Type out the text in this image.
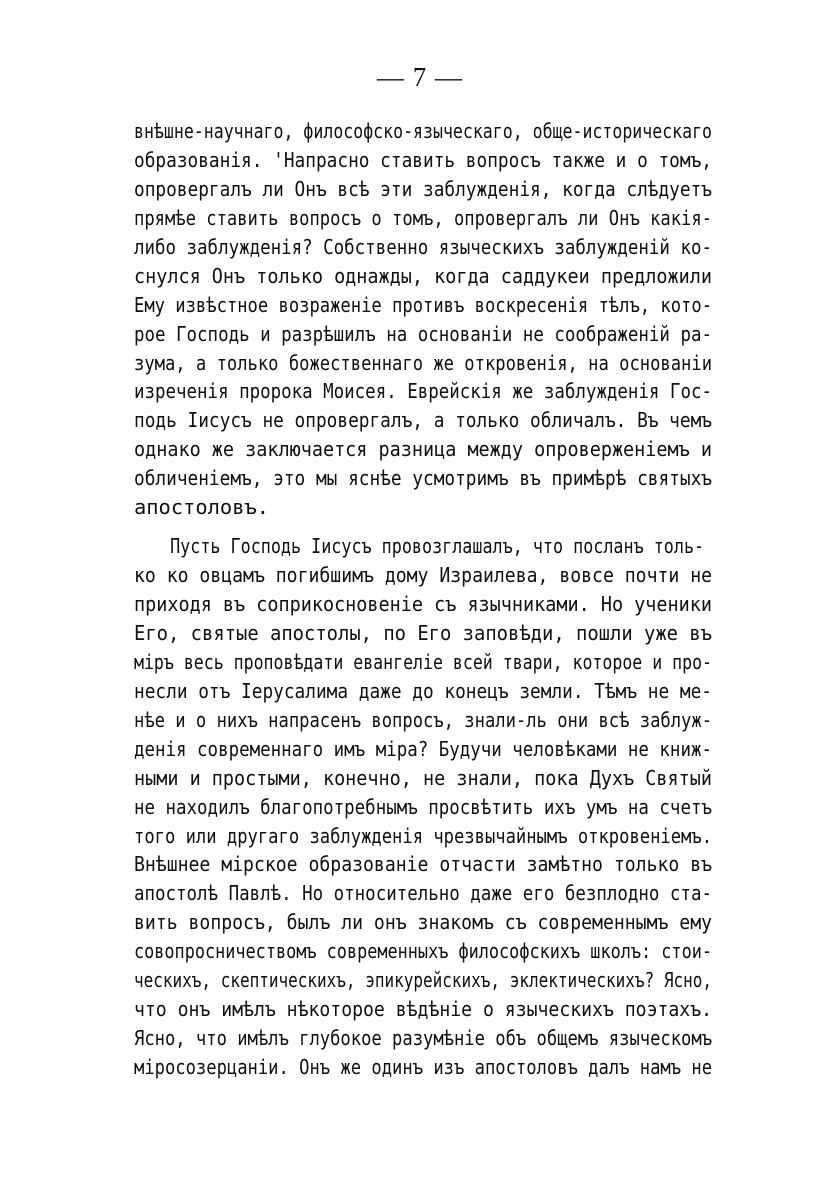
— 7 —
внѣшне-научнаго, философско-языческаго, обще-историческаго
образованія. 'Напрасно ставить вопросъ также и о томъ,
опровергалъ ли Онъ всѣ эти заблужденія, когда слѣдуетъ
прямѣе ставить вопросъ о томъ, опровергалъ ли Онъ какія-
либо заблужденія? Собственно языческихъ заблужденій ко-
снулся Онъ только однажды, когда саддукеи предложили
Ему извѣстное возраженіе противъ воскресенія тѣлъ, кото-
рое Господь и разрѣшилъ на основаніи не соображеній ра-
зума, а только божественнаго же откровенія, на основаніи
изреченія пророка Моисея. Еврейскія же заблужденія Гос-
подь Іисусъ не опровергалъ, а только обличалъ. Въ чемъ
однако же заключается разница между опроверженіемъ и
обличеніемъ, это мы яснѣе усмотримъ въ примѣрѣ святыхъ
апостоловъ.
Пусть Господь Іисусъ провозглашалъ, что посланъ толь-
ко ко овцамъ погибшимъ дому Израилева, вовсе почти не
приходя въ соприкосновеніе съ язычниками. Но ученики
Его, святые апостолы, по Его заповѣди, пошли уже въ
міръ весь проповѣдати евангеліе всей твари, которое и про-
несли отъ Іерусалима даже до конецъ земли. Тѣмъ не ме-
нѣе и о нихъ напрасенъ вопросъ, знали-ль они всѣ заблуж-
денія современнаго имъ міра? Будучи человѣками не книж-
ными и простыми, конечно, не знали, пока Духъ Святый
не находилъ благопотребнымъ просвѣтить ихъ умъ на счетъ
того или другаго заблужденія чрезвычайнымъ откровеніемъ.
Внѣшнее мірское образованіе отчасти замѣтно только въ
апостолѣ Павлѣ. Но относительно даже его безплодно ста-
вить вопросъ, былъ ли онъ знакомъ съ современнымъ ему
совопросничествомъ современныхъ философскихъ школъ: стои-
ческихъ, скептическихъ, эпикурейскихъ, эклектическихъ? Ясно,
что онъ имѣлъ нѣкоторое вѣдѣніе о языческихъ поэтахъ.
Ясно, что имѣлъ глубокое разумѣніе объ общемъ языческомъ
міросозерцаніи. Онъ же одинъ изъ апостоловъ далъ намъ не
